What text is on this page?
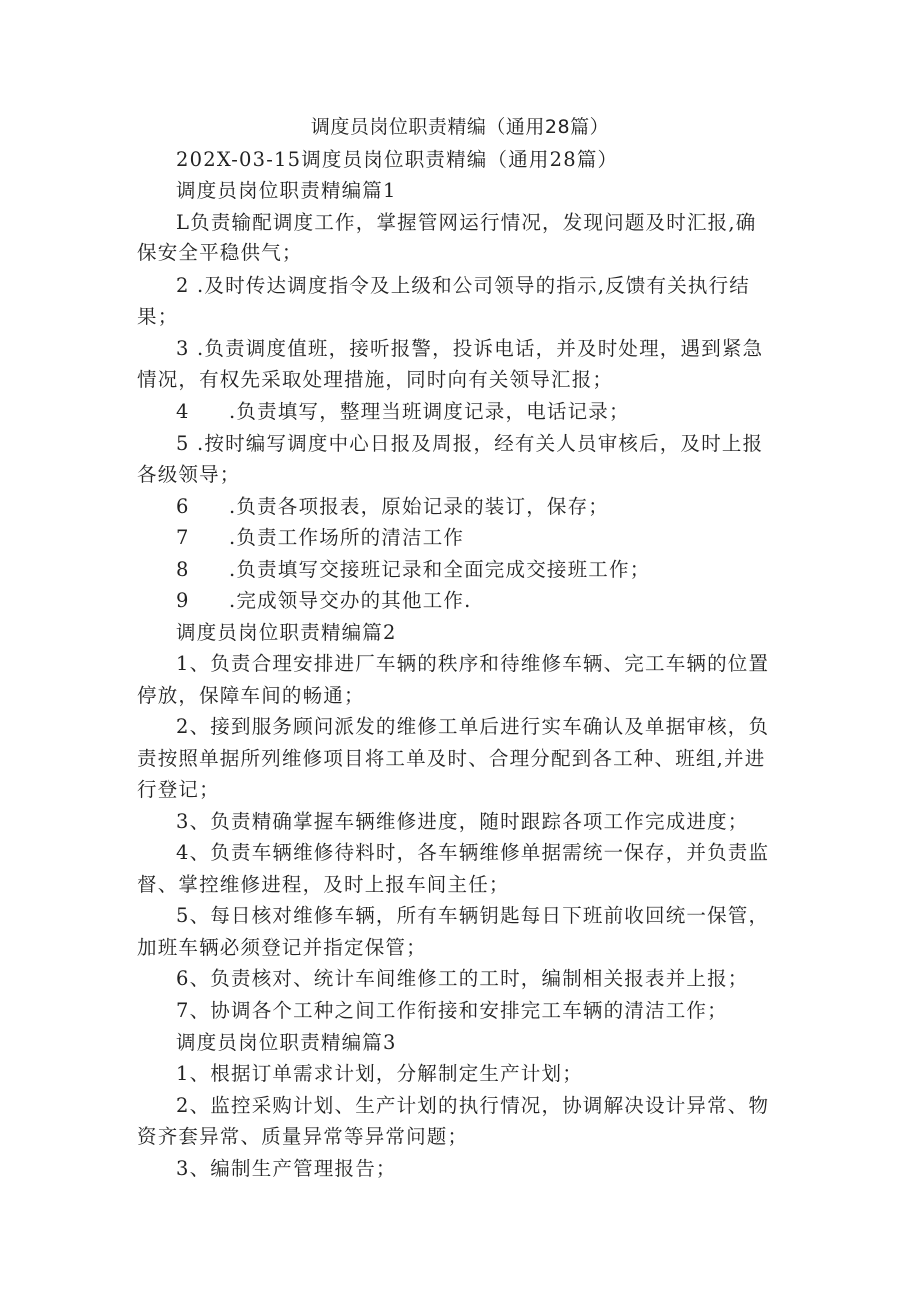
调度员岗位职责精编（通用28篇）
202X-03-15调度员岗位职责精编（通用28篇）
调度员岗位职责精编篇1
L负责输配调度工作，掌握管网运行情况，发现问题及时汇报,确
保安全平稳供气；
2 .及时传达调度指令及上级和公司领导的指示,反馈有关执行结
果；
3 .负责调度值班，接听报警，投诉电话，并及时处理，遇到紧急
情况，有权先采取处理措施，同时向有关领导汇报；
4 .负责填写，整理当班调度记录，电话记录；
5 .按时编写调度中心日报及周报，经有关人员审核后，及时上报
各级领导；
6 .负责各项报表，原始记录的装订，保存；
7 .负责工作场所的清洁工作
8 .负责填写交接班记录和全面完成交接班工作；
9 .完成领导交办的其他工作.
调度员岗位职责精编篇2
1、负责合理安排进厂车辆的秩序和待维修车辆、完工车辆的位置
停放，保障车间的畅通；
2、接到服务顾问派发的维修工单后进行实车确认及单据审核，负
责按照单据所列维修项目将工单及时、合理分配到各工种、班组,并进
行登记；
3、负责精确掌握车辆维修进度，随时跟踪各项工作完成进度；
4、负责车辆维修待料时，各车辆维修单据需统一保存，并负责监
督、掌控维修进程，及时上报车间主任；
5、每日核对维修车辆，所有车辆钥匙每日下班前收回统一保管，
加班车辆必须登记并指定保管；
6、负责核对、统计车间维修工的工时，编制相关报表并上报；
7、协调各个工种之间工作衔接和安排完工车辆的清洁工作；
调度员岗位职责精编篇3
1、根据订单需求计划，分解制定生产计划；
2、监控采购计划、生产计划的执行情况，协调解决设计异常、物
资齐套异常、质量异常等异常问题；
3、编制生产管理报告；
